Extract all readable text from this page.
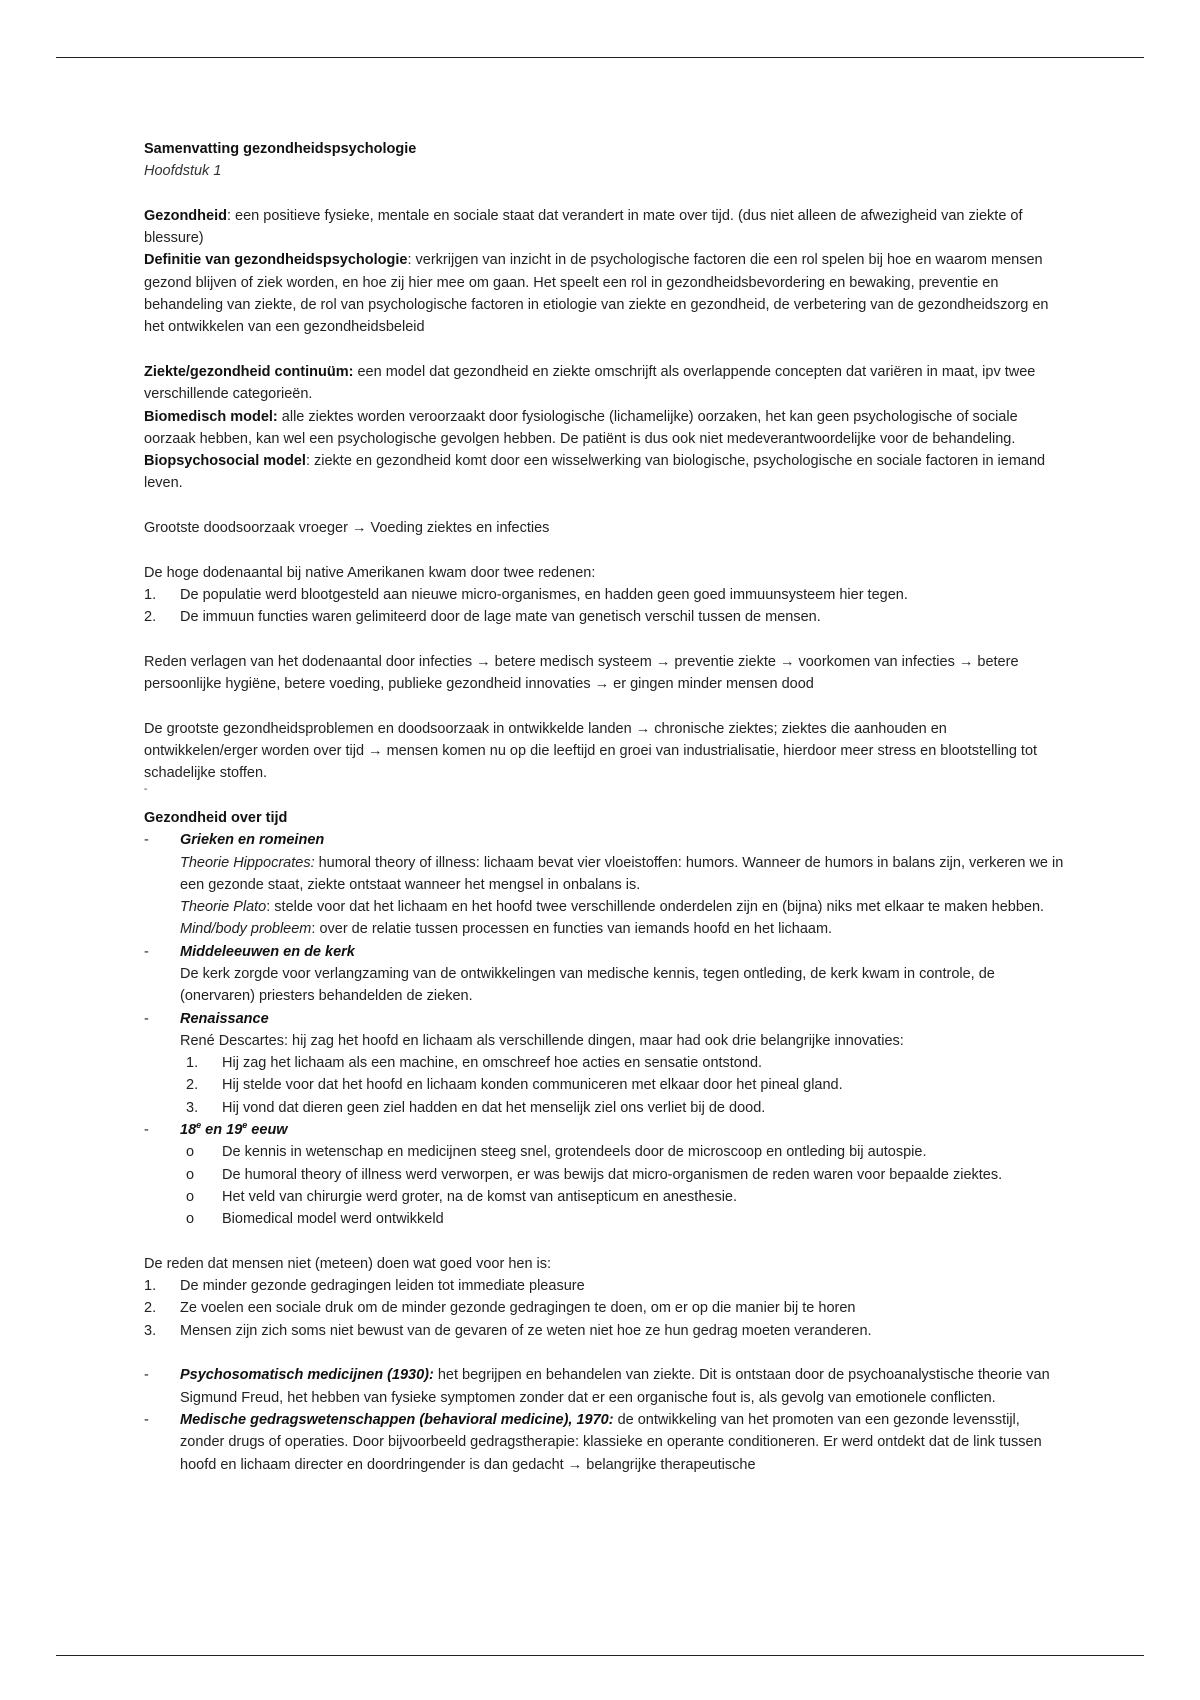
Samenvatting gezondheidspsychologie

Hoofdstuk 1

Gezondheid: een positieve fysieke, mentale en sociale staat dat verandert in mate over tijd. (dus niet alleen de afwezigheid van ziekte of blessure)

Definitie van gezondheidspsychologie: verkrijgen van inzicht in de psychologische factoren die een rol spelen bij hoe en waarom mensen gezond blijven of ziek worden, en hoe zij hier mee om gaan. Het speelt een rol in gezondheidsbevordering en bewaking, preventie en behandeling van ziekte, de rol van psychologische factoren in etiologie van ziekte en gezondheid, de verbetering van de gezondheidszorg en het ontwikkelen van een gezondheidsbeleid

Ziekte/gezondheid continuüm: een model dat gezondheid en ziekte omschrijft als overlappende concepten dat variëren in maat, ipv twee verschillende categorieën.

Biomedisch model: alle ziektes worden veroorzaakt door fysiologische (lichamelijke) oorzaken, het kan geen psychologische of sociale oorzaak hebben, kan wel een psychologische gevolgen hebben. De patiënt is dus ook niet medeverantwoordelijke voor de behandeling.

Biopsychosocial model: ziekte en gezondheid komt door een wisselwerking van biologische, psychologische en sociale factoren in iemand leven.

Grootste doodsoorzaak vroeger → Voeding ziektes en infecties

De hoge dodenaantal bij native Amerikanen kwam door twee redenen:

1.	De populatie werd blootgesteld aan nieuwe micro-organismes, en hadden geen goed immuunsysteem hier tegen.
2.	De immuun functies waren gelimiteerd door de lage mate van genetisch verschil tussen de mensen.

Reden verlagen van het dodenaantal door infecties → betere medisch systeem → preventie ziekte → voorkomen van infecties → betere persoonlijke hygiëne, betere voeding, publieke gezondheid innovaties → er gingen minder mensen dood

De grootste gezondheidsproblemen en doodsoorzaak in ontwikkelde landen → chronische ziektes; ziektes die aanhouden en ontwikkelen/erger worden over tijd → mensen komen nu op die leeftijd en groei van industrialisatie, hierdoor meer stress en blootstelling tot schadelijke stoffen.

-

Gezondheid over tijd

-	Grieken en romeinen

Theorie Hippocrates: humoral theory of illness: lichaam bevat vier vloeistoffen: humors. Wanneer de humors in balans zijn, verkeren we in een gezonde staat, ziekte ontstaat wanneer het mengsel in onbalans is.

Theorie Plato: stelde voor dat het lichaam en het hoofd twee verschillende onderdelen zijn en (bijna) niks met elkaar te maken hebben. Mind/body probleem: over de relatie tussen processen en functies van iemands hoofd en het lichaam.

-	Middeleeuwen en de kerk

De kerk zorgde voor verlangzaming van de ontwikkelingen van medische kennis, tegen ontleding, de kerk kwam in controle, de (onervaren) priesters behandelden de zieken.

-	Renaissance

René Descartes: hij zag het hoofd en lichaam als verschillende dingen, maar had ook drie belangrijke innovaties:

1.	Hij zag het lichaam als een machine, en omschreef hoe acties en sensatie ontstond.
2.	Hij stelde voor dat het hoofd en lichaam konden communiceren met elkaar door het pineal gland.
3.	Hij vond dat dieren geen ziel hadden en dat het menselijk ziel ons verliet bij de dood.
-	18e en 19e eeuw
o	De kennis in wetenschap en medicijnen steeg snel, grotendeels door de microscoop en ontleding bij autospie.
o	De humoral theory of illness werd verworpen, er was bewijs dat micro-organismen de reden waren voor bepaalde ziektes.
o	Het veld van chirurgie werd groter, na de komst van antisepticum en anesthesie.
o	Biomedical model werd ontwikkeld

De reden dat mensen niet (meteen) doen wat goed voor hen is:

1.	De minder gezonde gedragingen leiden tot immediate pleasure
2.	Ze voelen een sociale druk om de minder gezonde gedragingen te doen, om er op die manier bij te horen
3.	Mensen zijn zich soms niet bewust van de gevaren of ze weten niet hoe ze hun gedrag moeten veranderen.
-	Psychosomatisch medicijnen (1930): het begrijpen en behandelen van ziekte. Dit is ontstaan door de psychoanalystische theorie van Sigmund Freud, het hebben van fysieke symptomen zonder dat er een organische fout is, als gevolg van emotionele conflicten.
-	Medische gedragswetenschappen (behavioral medicine), 1970: de ontwikkeling van het promoten van een gezonde levensstijl, zonder drugs of operaties. Door bijvoorbeeld gedragstherapie: klassieke en operante conditioneren. Er werd ontdekt dat de link tussen hoofd en lichaam directer en doordringender is dan gedacht → belangrijke therapeutische
